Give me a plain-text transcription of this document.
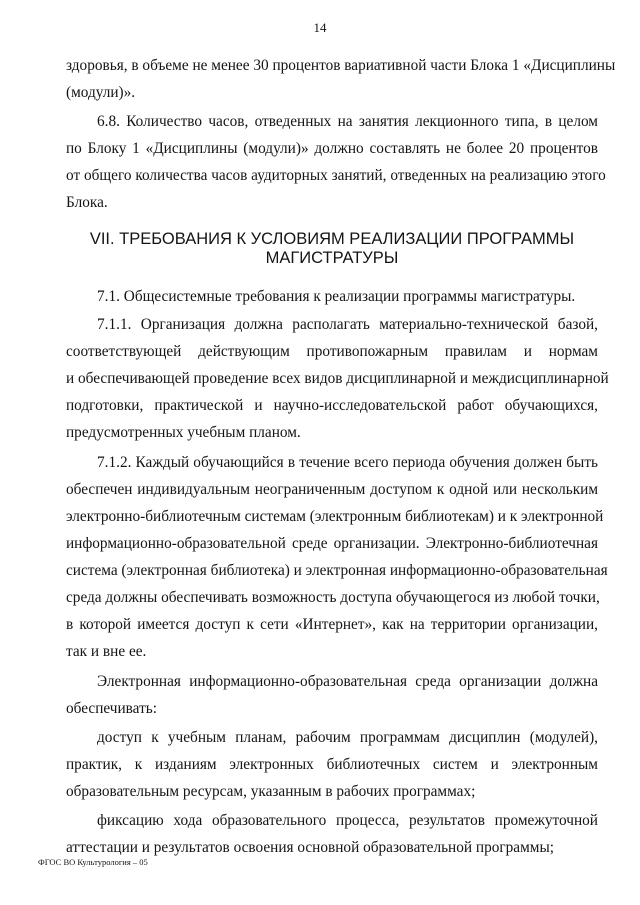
14
здоровья, в объеме не менее 30 процентов вариативной части Блока 1 «Дисциплины
(модули)».
6.8. Количество часов, отведенных на занятия лекционного типа, в целом
по Блоку 1 «Дисциплины (модули)» должно составлять не более 20 процентов
от общего количества часов аудиторных занятий, отведенных на реализацию этого
Блока.
7.1. Общесистемные требования к реализации программы магистратуры.
7.1.1. Организация должна располагать материально-технической базой,
соответствующей действующим противопожарным правилам и нормам
и обеспечивающей проведение всех видов дисциплинарной и междисциплинарной
подготовки, практической и научно-исследовательской работ обучающихся,
предусмотренных учебным планом.
7.1.2. Каждый обучающийся в течение всего периода обучения должен быть
обеспечен индивидуальным неограниченным доступом к одной или нескольким
электронно-библиотечным системам (электронным библиотекам) и к электронной
информационно-образовательной среде организации. Электронно-библиотечная
система (электронная библиотека) и электронная информационно-образовательная
среда должны обеспечивать возможность доступа обучающегося из любой точки,
в которой имеется доступ к сети «Интернет», как на территории организации,
так и вне ее.
Электронная информационно-образовательная среда организации должна
обеспечивать:
доступ к учебным планам, рабочим программам дисциплин (модулей),
практик, к изданиям электронных библиотечных систем и электронным
образовательным ресурсам, указанным в рабочих программах;
фиксацию хода образовательного процесса, результатов промежуточной
аттестации и результатов освоения основной образовательной программы;
VII. ТРЕБОВАНИЯ К УСЛОВИЯМ РЕАЛИЗАЦИИ ПРОГРАММЫ
МАГИСТРАТУРЫ
ФГОС ВО Культурология – 05
